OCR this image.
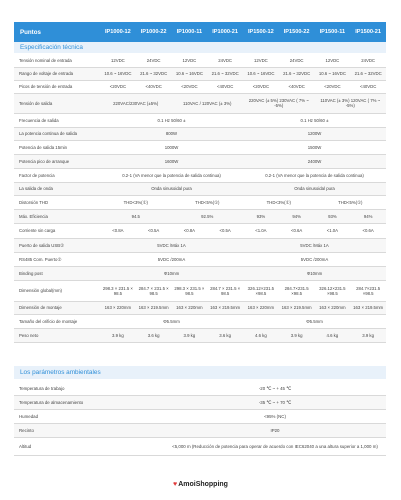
Puntos	IP1000-12	IP1000-22	IP1000-11	IP1000-21	IP1500-12	IP1500-22	IP1500-11	IP1500-21
Especificación técnica
Tensión nominal de entrada	12VDC	24VDC	12VDC	24VDC	12VDC	24VDC	12VDC	24VDC
Rango de voltaje de entrada	10.6 ~ 16VDC	21.6 ~ 32VDC	10.6 ~ 16VDC	21.6 ~ 32VDC	10.6 ~ 16VDC	21.6 ~ 32VDC	10.6 ~ 16VDC	21.6 ~ 32VDC
Picos de tensión de entrada	<20VDC	<40VDC	<20VDC	<40VDC	<20VDC	<40VDC	<20VDC	<40VDC
Tensión de salida	220VAC/230VAC (±5%)		110VAC / 120VAC (± 3%)		220VAC (± 5%) 230VAC ( 7% ~ -5%)		110VAC (± 3%) 120VAC ( 7% ~ -5%)	
Frecuencia de salida	0.1 Hz 50/60 ±				0.1 Hz 50/60 ±			
La potencia continua de salida	800W				1200W			
Potencia de salida 15min	1000W				1500W			
Potencia pico de arranque	1600W				2400W			
Factor de potencia	0.2-1 (VA menor que la potencia de salida continua)				0.2-1 (VA menor que la potencia de salida continua)			
La salida de onda	Onda sinusoidal pura				Onda sinusoidal pura			
Distorsión THD	THD<3%(①)		THD<5%(①)		THD<3%(①)		THD<5%(①)	
Máx. Eficiencia	94.5		92.5%		93%	94%	93%	94%
Corriente sin carga	<0.8A	<0.5A	<0.8A	<0.5A	<1.0A	<0.6A	<1.0A	<0.6A
Puerto de salida USB②	5VDC /Máx 1A				5VDC /Máx 1A			
RS485 Com. Puerto②	5VDC /200mA				5VDC /200mA			
Binding post	Φ10mm				Φ10mm			
Dimensión global(mm)	298.3 × 231.5 × 98.5	284.7 × 231.5 × 98.5	298.3 × 231.5 × 98.5	284.7 × 231.5 × 98.5	326.12×231.5 ×98.5	284.7×231.5 ×98.5	326.12×231.5 ×98.5	284.7×231.5 ×98.5
Dimensión de montaje	163 × 220mm	163 × 219.5mm	163 × 220mm	163 × 219.5mm	163 × 220mm	163 × 219.5mm	163 × 220mm	163 × 219.5mm
Tamaño del orificio de montaje	Φ5.5mm				Φ5.5mm			
Peso neto	3.9 kg	3.6 kg	3.9 kg	3.6 kg	4.6 kg	3.9 kg	4.6 kg	3.9 kg
Los parámetros ambientales
Temperatura de trabajo	-20 ℃ ~ + 45 ℃
Temperatura de almacenamiento	-35 ℃ ~ + 70 ℃
Humedad	<95% (NC)
Recinto	IP20
Altitud	<5,000 m (Reducción de potencia para operar de acuerdo con IEC62040 a una altura superior a 1,000 m)
♥AmoiShopping
